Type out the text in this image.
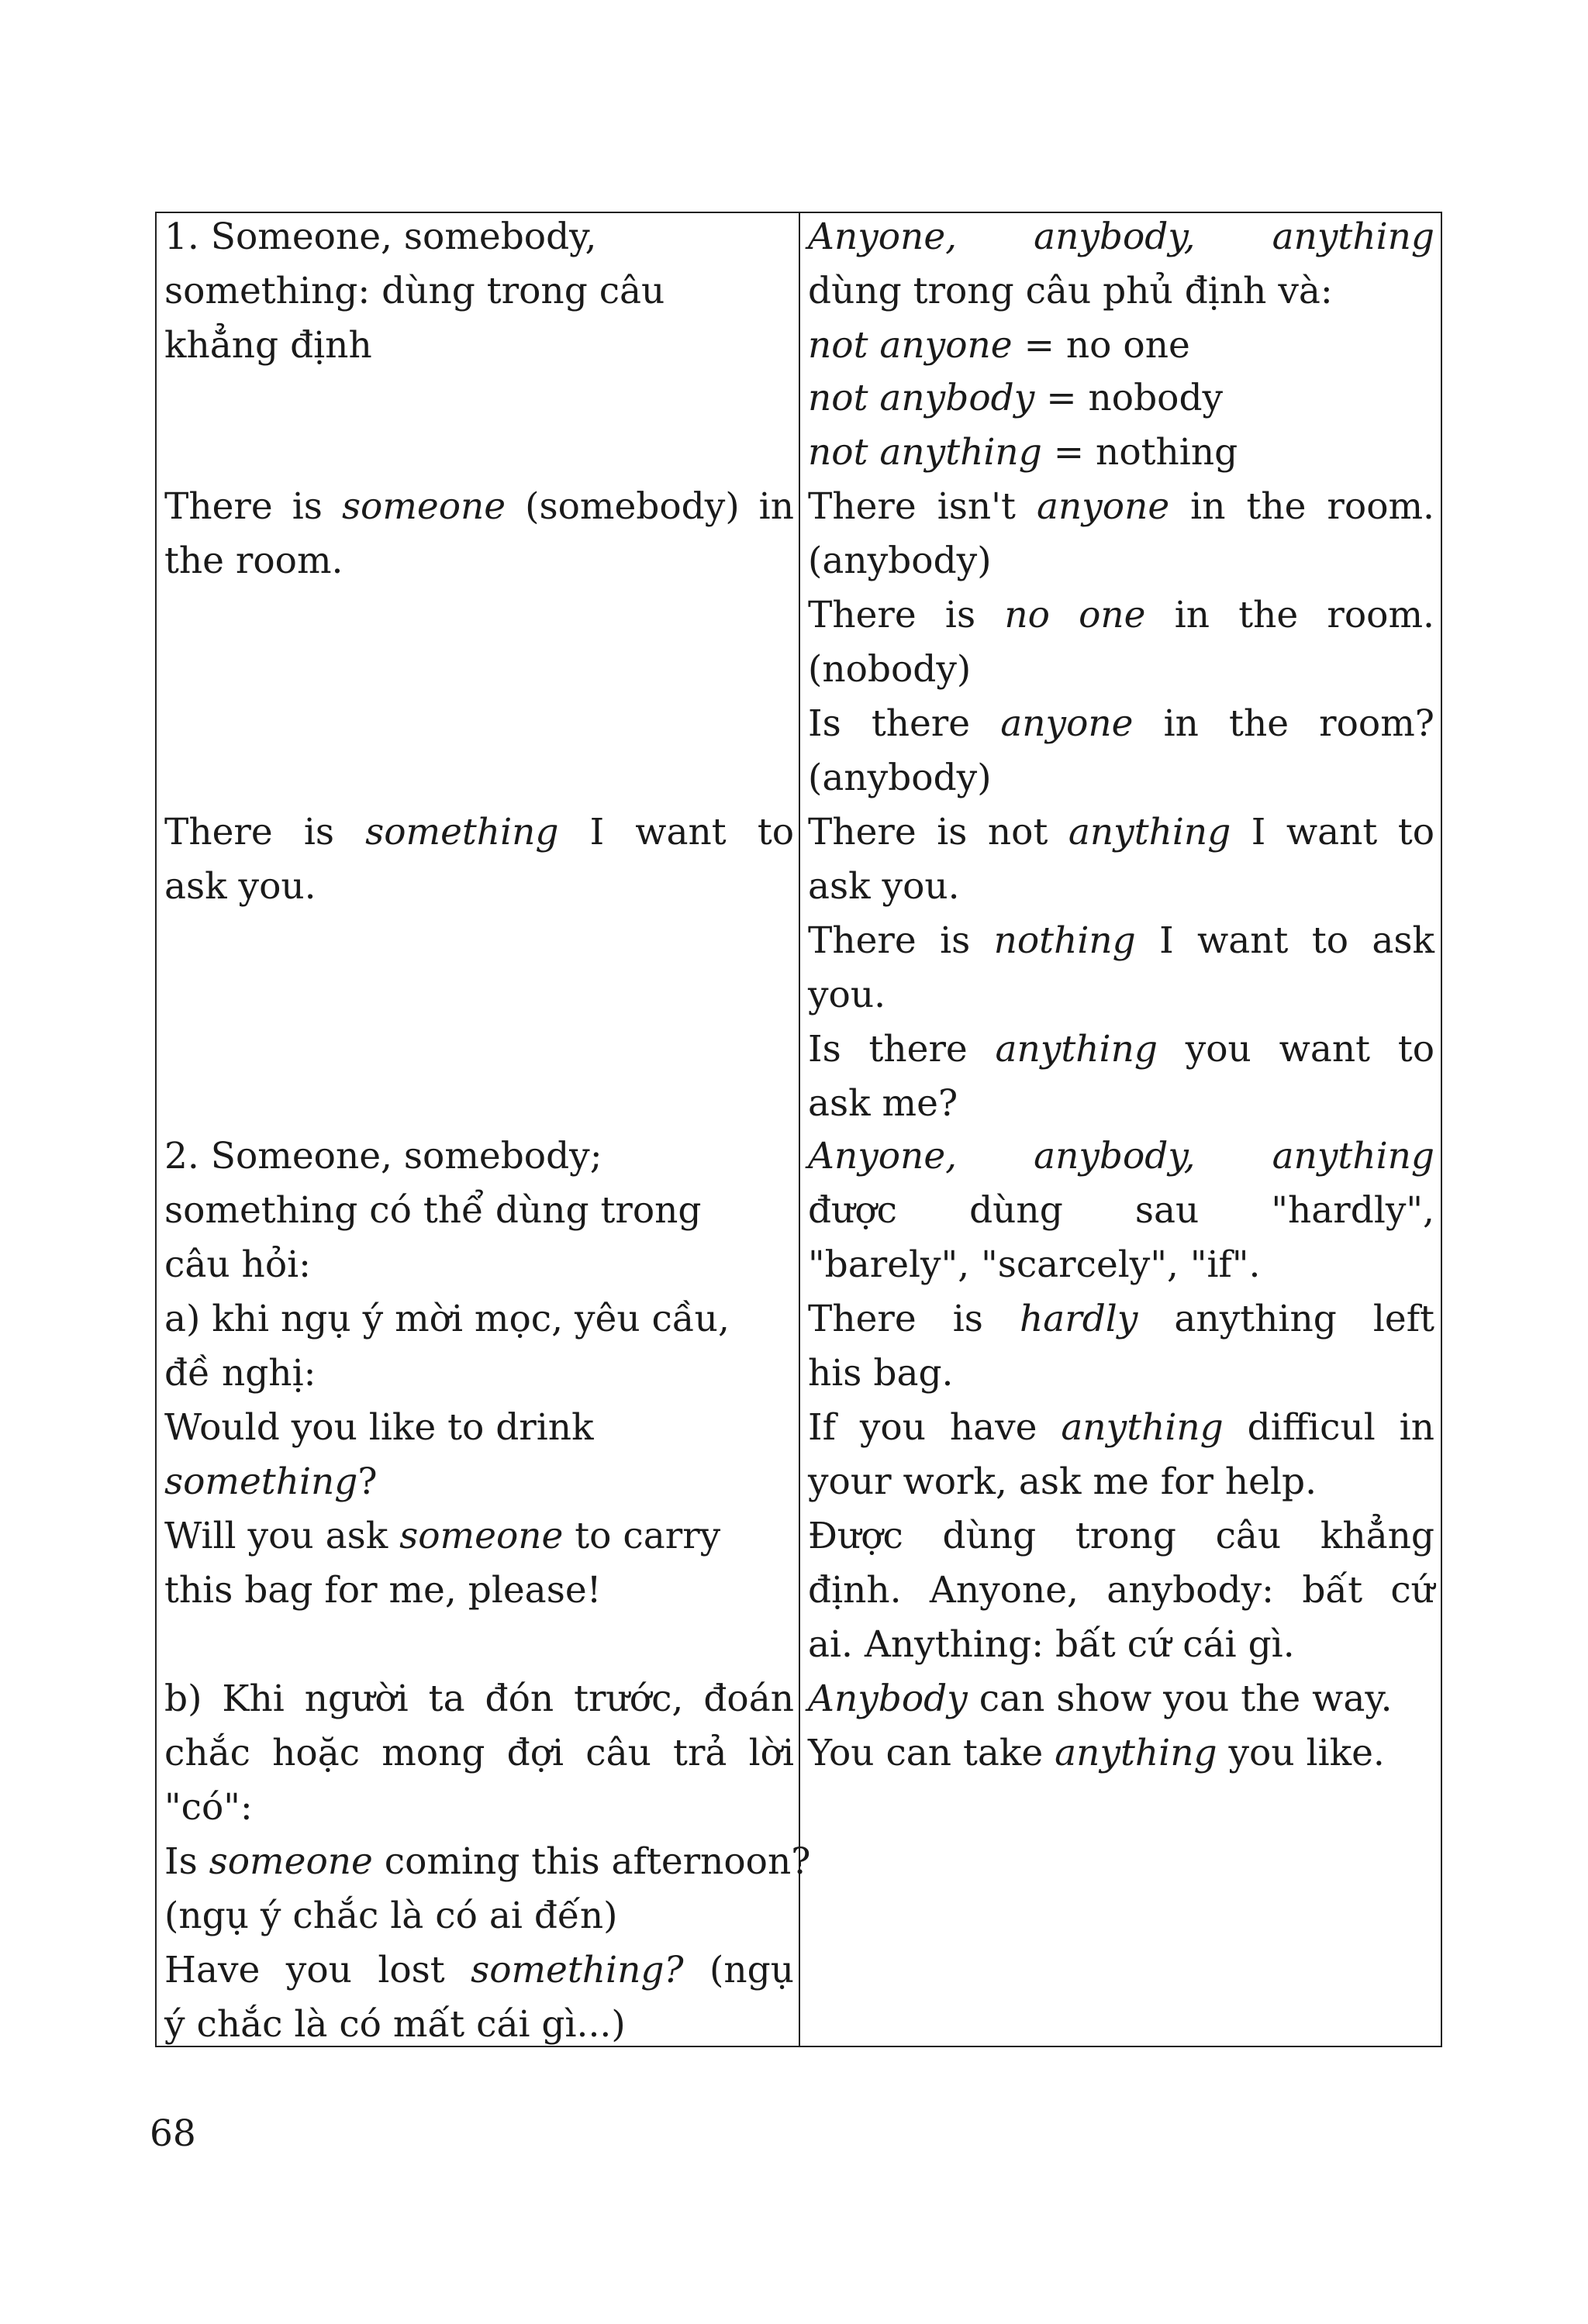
1. Someone, somebody,
something: dùng trong câu
khẳng định
There is someone (somebody) in
the room.
There is something I want to
ask you.
2. Someone, somebody;
something có thể dùng trong
câu hỏi:
a) khi ngụ ý mời mọc, yêu cầu,
đề nghị:
Would you like to drink
something?
Will you ask someone to carry
this bag for me, please!
b) Khi người ta đón trước, đoán
chắc hoặc mong đợi câu trả lời
"có":
Is someone coming this afternoon?
(ngụ ý chắc là có ai đến)
Have you lost something? (ngụ
ý chắc là có mất cái gì...)
Anyone, anybody, anything
dùng trong câu phủ định và:
not anyone = no one
not anybody = nobody
not anything = nothing
There isn't anyone in the room.
(anybody)
There is no one in the room.
(nobody)
Is there anyone in the room?
(anybody)
There is not anything I want to
ask you.
There is nothing I want to ask
you.
Is there anything you want to
ask me?
Anyone, anybody, anything
được dùng sau "hardly",
"barely", "scarcely", "if".
There is hardly anything left
his bag.
If you have anything difficul in
your work, ask me for help.
Được dùng trong câu khẳng
định. Anyone, anybody: bất cứ
ai. Anything: bất cứ cái gì.
Anybody can show you the way.
You can take anything you like.
68
